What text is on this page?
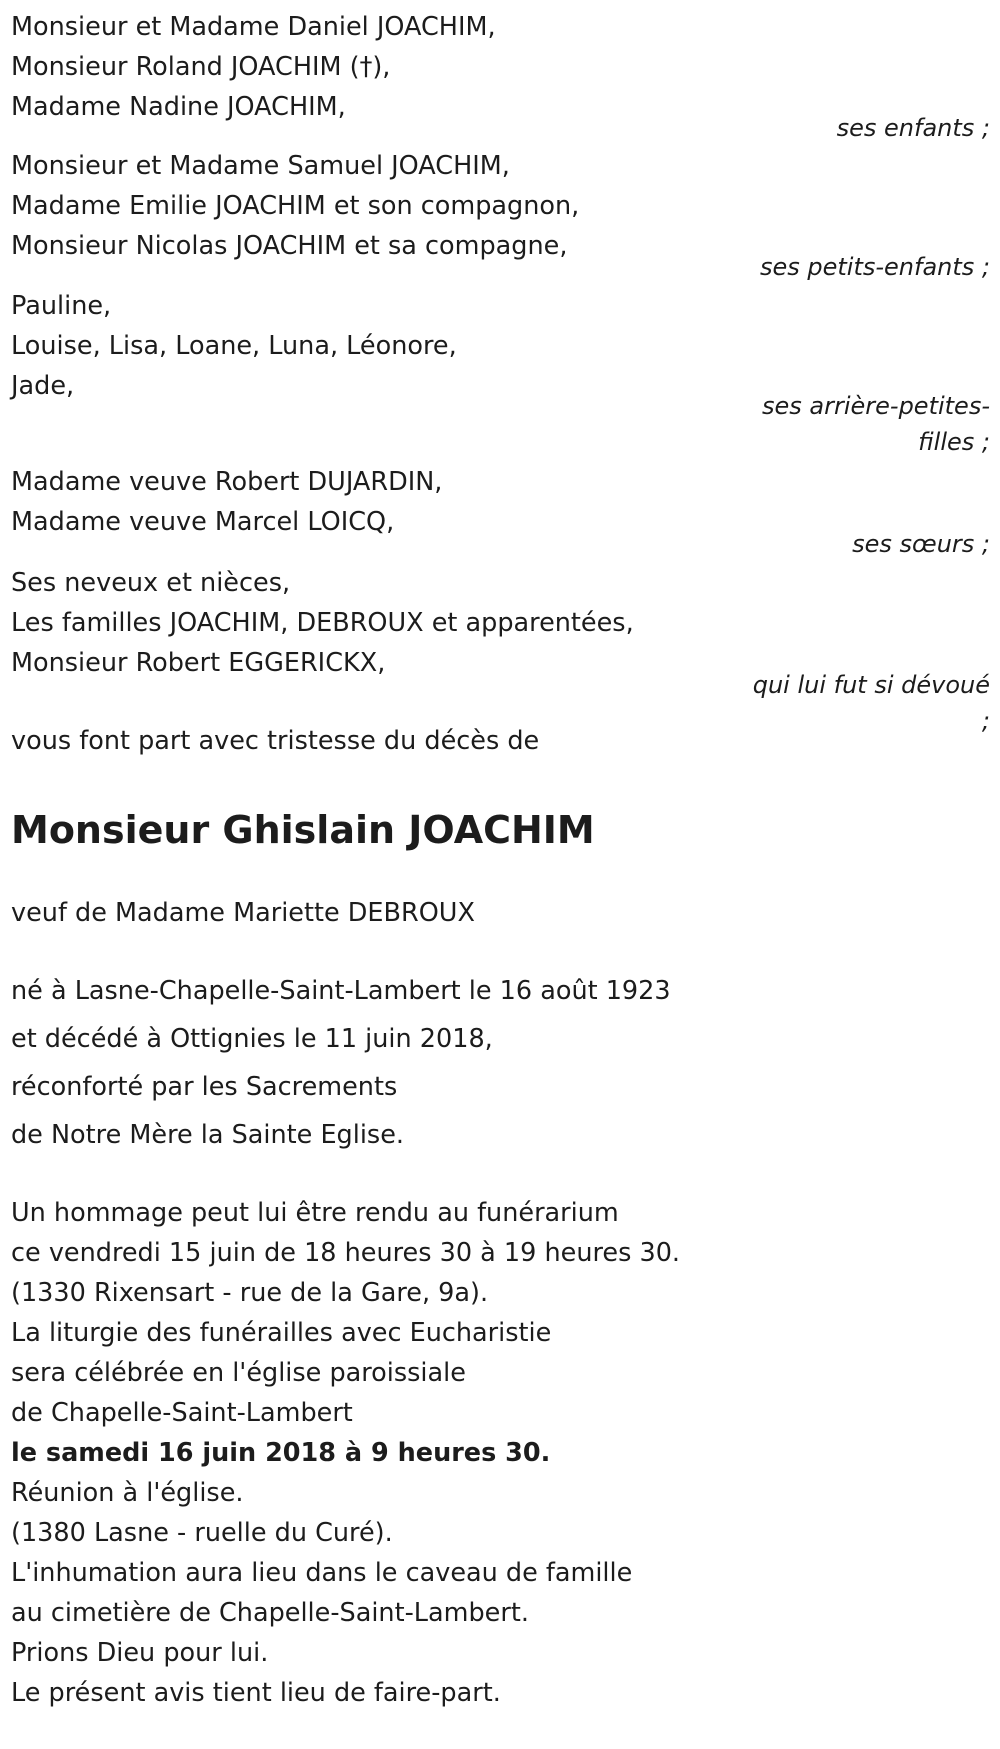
Monsieur et Madame Daniel JOACHIM,
Monsieur Roland JOACHIM (†),
Madame Nadine JOACHIM,
ses enfants ;
Monsieur et Madame Samuel JOACHIM,
Madame Emilie JOACHIM et son compagnon,
Monsieur Nicolas JOACHIM et sa compagne,
ses petits-enfants ;
Pauline,
Louise, Lisa, Loane, Luna, Léonore,
Jade,
ses arrière-petites-
filles ;
Madame veuve Robert DUJARDIN,
Madame veuve Marcel LOICQ,
ses sœurs ;
Ses neveux et nièces,
Les familles JOACHIM, DEBROUX et apparentées,
Monsieur Robert EGGERICKX,
qui lui fut si dévoué
;
vous font part avec tristesse du décès de
Monsieur Ghislain JOACHIM
veuf de Madame Mariette DEBROUX
né à Lasne-Chapelle-Saint-Lambert le 16 août 1923
et décédé à Ottignies le 11 juin 2018,
réconforté par les Sacrements
de Notre Mère la Sainte Eglise.
Un hommage peut lui être rendu au funérarium
ce vendredi 15 juin de 18 heures 30 à 19 heures 30.
(1330 Rixensart - rue de la Gare, 9a).
La liturgie des funérailles avec Eucharistie
sera célébrée en l'église paroissiale
de Chapelle-Saint-Lambert
le samedi 16 juin 2018 à 9 heures 30.
Réunion à l'église.
(1380 Lasne - ruelle du Curé).
L'inhumation aura lieu dans le caveau de famille
au cimetière de Chapelle-Saint-Lambert.
Prions Dieu pour lui.
Le présent avis tient lieu de faire-part.
